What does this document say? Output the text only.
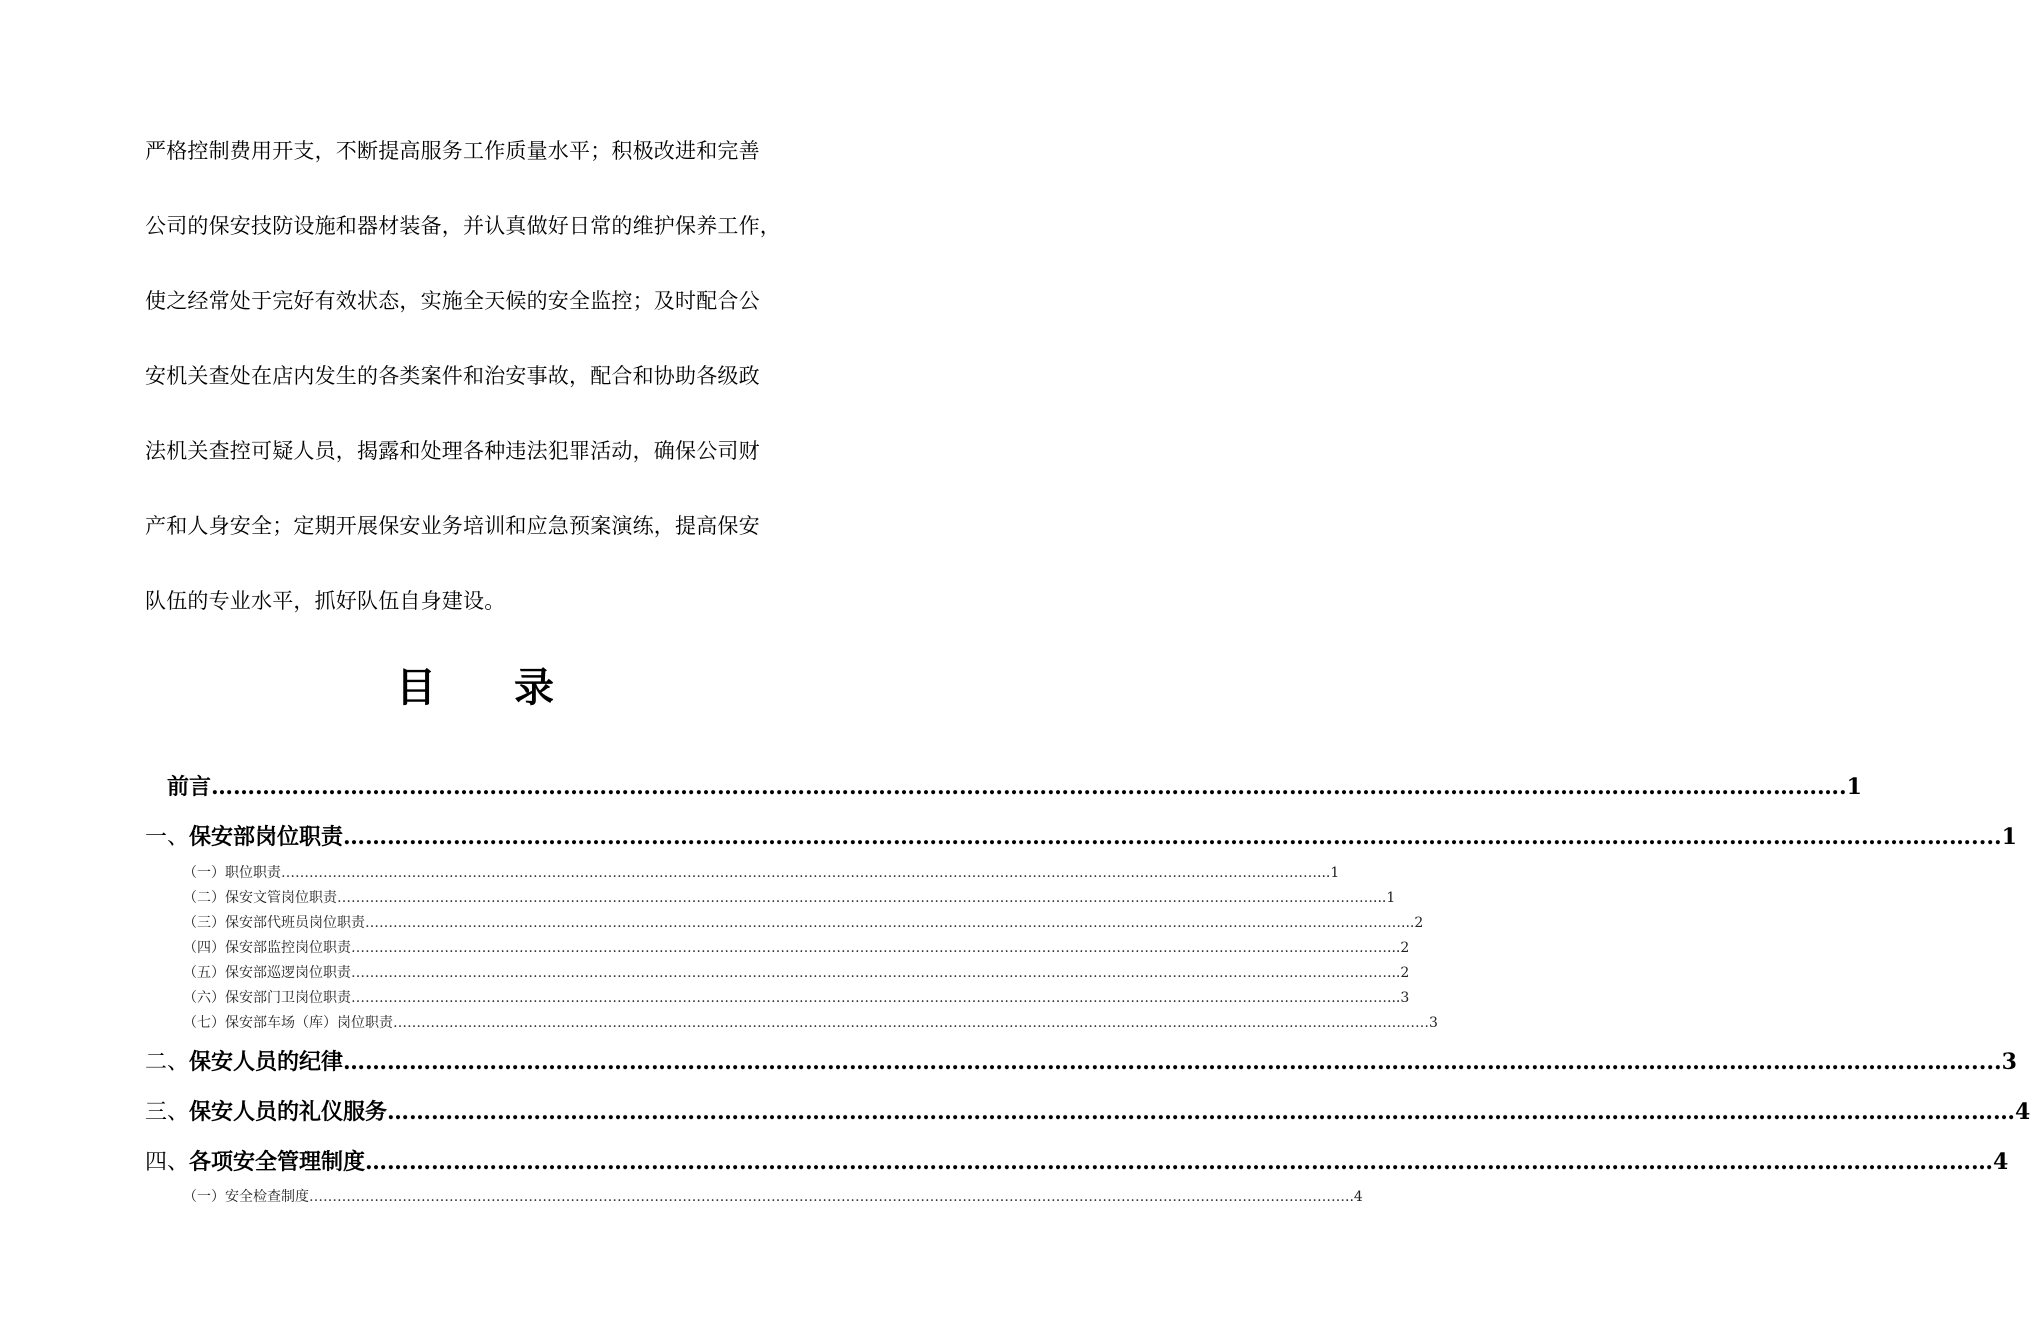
严格控制费用开支，不断提高服务工作质量水平；积极改进和完善
公司的保安技防设施和器材装备，并认真做好日常的维护保养工作，
使之经常处于完好有效状态，实施全天候的安全监控；及时配合公
安机关查处在店内发生的各类案件和治安事故，配合和协助各级政
法机关查控可疑人员，揭露和处理各种违法犯罪活动，确保公司财
产和人身安全；定期开展保安业务培训和应急预案演练，提高保安
队伍的专业水平，抓好队伍自身建设。
目 录
前言 …………………………………………………………………………………………………………………………………………………………………………………………………… .1
一、 保安部岗位职责 …………………………………………………………………………………………………………………………………………………………………………………………………… ....1
（一） 职位职责 …………………………………………………………………………………………………………………………………………………………………………………………………… ...1
（二） 保安文管岗位职责 …………………………………………………………………………………………………………………………………………………………………………………………………… ...1
（三） 保安部代班员岗位职责 …………………………………………………………………………………………………………………………………………………………………………………………………… ...2
（四） 保安部监控岗位职责 …………………………………………………………………………………………………………………………………………………………………………………………………… ...2
（五） 保安部巡逻岗位职责 …………………………………………………………………………………………………………………………………………………………………………………………………… ...2
（六） 保安部门卫岗位职责 …………………………………………………………………………………………………………………………………………………………………………………………………… ...3
（七） 保安部车场（库）岗位职责 …………………………………………………………………………………………………………………………………………………………………………………………………… 3
二、 保安人员的纪律 …………………………………………………………………………………………………………………………………………………………………………………………………… ....3
三、 保安人员的礼仪服务 …………………………………………………………………………………………………………………………………………………………………………………………………… 4
四、 各项安全管理制度 …………………………………………………………………………………………………………………………………………………………………………………………………… 4
（一） 安全检查制度 …………………………………………………………………………………………………………………………………………………………………………………………………… ..4
